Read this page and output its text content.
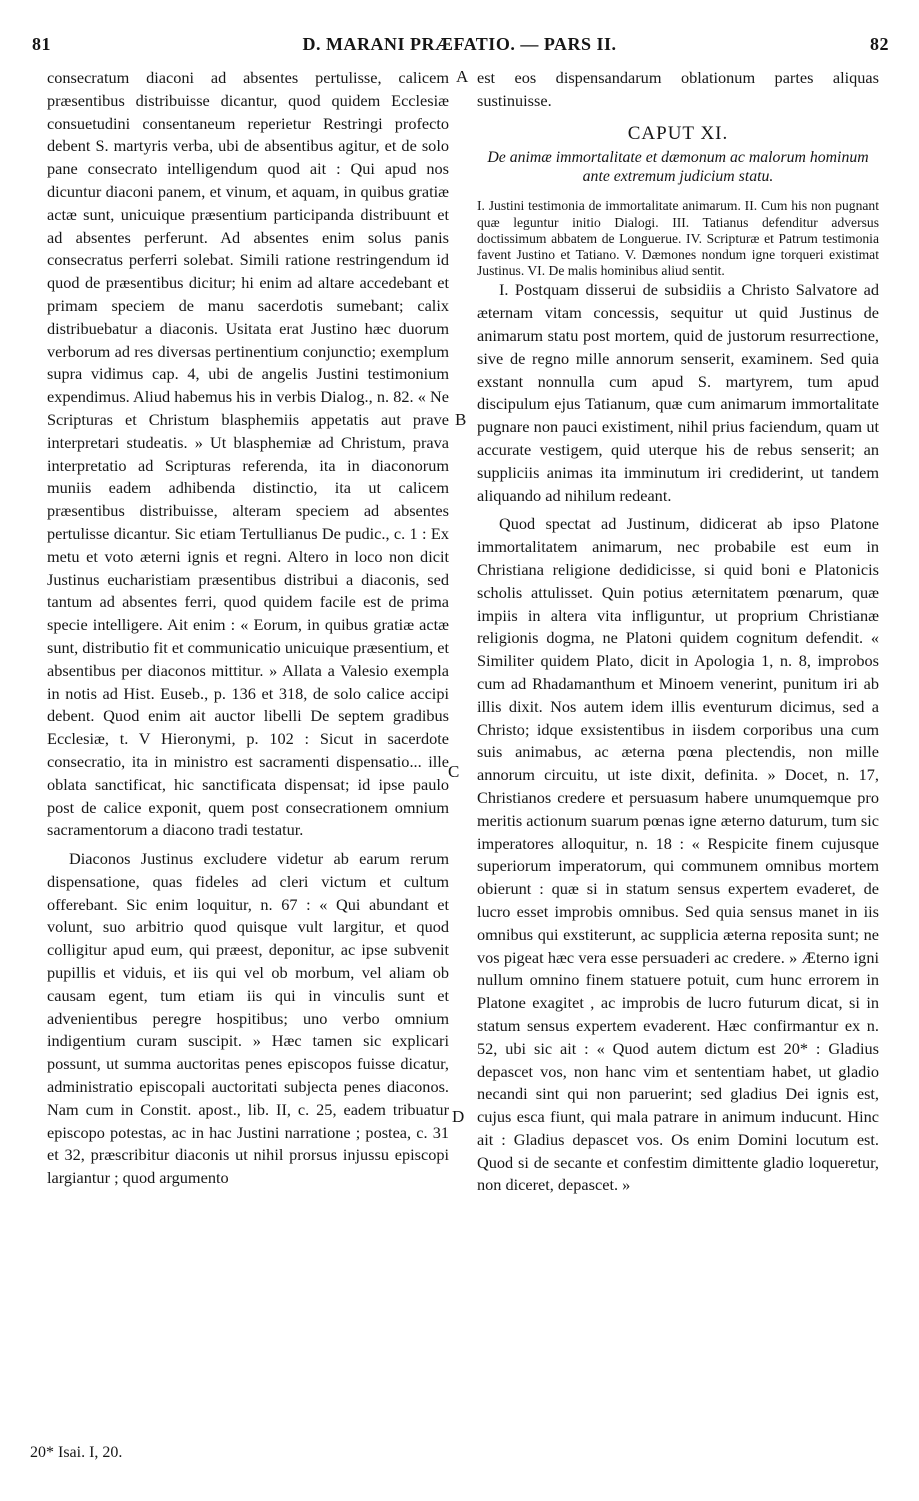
81	D. MARANI PRÆFATIO. — PARS II.	82

consecratum diaconi ad absentes pertulisse, calicem præsentibus distribuisse dicantur, quod quidem Ecclesiæ consuetudini consentaneum reperietur Restringi profecto debent S. martyris verba, ubi de absentibus agitur, et de solo pane consecrato intelligendum quod ait : Qui apud nos dicuntur diaconi panem, et vinum, et aquam, in quibus gratiæ actæ sunt, unicuique præsentium participanda distribuunt et ad absentes perferunt. Ad absentes enim solus panis consecratus perferri solebat. Simili ratione restringendum id quod de præsentibus dicitur; hi enim ad altare accedebant et primam speciem de manu sacerdotis sumebant; calix distribuebatur a diaconis. Usitata erat Justino hæc duorum verborum ad res diversas pertinentium conjunctio; exemplum supra vidimus cap. 4, ubi de angelis Justini testimonium expendimus. Aliud habemus his in verbis Dialog., n. 82. « Ne Scripturas et Christum blasphemiis appetatis aut prave interpretari studeatis. » Ut blasphemiæ ad Christum, prava interpretatio ad Scripturas referenda, ita in diaconorum muniis eadem adhibenda distinctio, ita ut calicem præsentibus distribuisse, alteram speciem ad absentes pertulisse dicantur. Sic etiam Tertullianus De pudic., c. 1 : Ex metu et voto æterni ignis et regni. Altero in loco non dicit Justinus eucharistiam præsentibus distribui a diaconis, sed tantum ad absentes ferri, quod quidem facile est de prima specie intelligere. Ait enim : « Eorum, in quibus gratiæ actæ sunt, distributio fit et communicatio unicuique præsentium, et absentibus per diaconos mittitur. » Allata a Valesio exempla in notis ad Hist. Euseb., p. 136 et 318, de solo calice accipi debent. Quod enim ait auctor libelli De septem gradibus Ecclesiæ, t. V Hieronymi, p. 102 : Sicut in sacerdote consecratio, ita in ministro est sacramenti dispensatio... ille oblata sanctificat, hic sanctificata dispensat; id ipse paulo post de calice exponit, quem post consecrationem omnium sacramentorum a diacono tradi testatur.

Diaconos Justinus excludere videtur ab earum rerum dispensatione, quas fideles ad cleri victum et cultum offerebant. Sic enim loquitur, n. 67 : « Qui abundant et volunt, suo arbitrio quod quisque vult largitur, et quod colligitur apud eum, qui præest, deponitur, ac ipse subvenit pupillis et viduis, et iis qui vel ob morbum, vel aliam ob causam egent, tum etiam iis qui in vinculis sunt et advenientibus peregre hospitibus; uno verbo omnium indigentium curam suscipit. » Hæc tamen sic explicari possunt, ut summa auctoritas penes episcopos fuisse dicatur, administratio episcopali auctoritati subjecta penes diaconos. Nam cum in Constit. apost., lib. II, c. 25, eadem tribuatur episcopo potestas, ac in hac Justini narratione ; postea, c. 31 et 32, præscribitur diaconis ut nihil prorsus injussu episcopi largiantur ; quod argumento

est eos dispensandarum oblationum partes aliquas sustinuisse.

CAPUT XI.
De animæ immortalitate et dæmonum ac malorum hominum ante extremum judicium statu.

I. Justini testimonia de immortalitate animarum. II. Cum his non pugnant quæ leguntur initio Dialogi. III. Tatianus defenditur adversus doctissimum abbatem de Longuerue. IV. Scripturæ et Patrum testimonia favent Justino et Tatiano. V. Dæmones nondum igne torqueri existimat Justinus. VI. De malis hominibus aliud sentit.

I. Postquam disserui de subsidiis a Christo Salvatore ad æternam vitam concessis, sequitur ut quid Justinus de animarum statu post mortem, quid de justorum resurrectione, sive de regno mille annorum senserit, examinem. Sed quia exstant nonnulla cum apud S. martyrem, tum apud discipulum ejus Tatianum, quæ cum animarum immortalitate pugnare non pauci existiment, nihil prius faciendum, quam ut accurate vestigem, quid uterque his de rebus senserit; an suppliciis animas ita imminutum iri crediderint, ut tandem aliquando ad nihilum redeant.

Quod spectat ad Justinum, didicerat ab ipso Platone immortalitatem animarum, nec probabile est eum in Christiana religione dedidicisse, si quid boni e Platonicis scholis attulisset. Quin potius æternitatem pœnarum, quæ impiis in altera vita infliguntur, ut proprium Christianæ religionis dogma, ne Platoni quidem cognitum defendit. « Similiter quidem Plato, dicit in Apologia 1, n. 8, improbos cum ad Rhadamanthum et Minoem venerint, punitum iri ab illis dixit. Nos autem idem illis eventurum dicimus, sed a Christo; idque exsistentibus in iisdem corporibus una cum suis animabus, ac æterna pœna plectendis, non mille annorum circuitu, ut iste dixit, definita. » Docet, n. 17, Christianos credere et persuasum habere unumquemque pro meritis actionum suarum pœnas igne æterno daturum, tum sic imperatores alloquitur, n. 18 : « Respicite finem cujusque superiorum imperatorum, qui communem omnibus mortem obierunt : quæ si in statum sensus expertem evaderet, de lucro esset improbis omnibus. Sed quia sensus manet in iis omnibus qui exstiterunt, ac supplicia æterna reposita sunt; ne vos pigeat hæc vera esse persuaderi ac credere. » Æterno igni nullum omnino finem statuere potuit, cum hunc errorem in Platone exagitet , ac improbis de lucro futurum dicat, si in statum sensus expertem evaderent. Hæc confirmantur ex n. 52, ubi sic ait : « Quod autem dictum est 20* : Gladius depascet vos, non hanc vim et sententiam habet, ut gladio necandi sint qui non paruerint; sed gladius Dei ignis est, cujus esca fiunt, qui mala patrare in animum inducunt. Hinc ait : Gladius depascet vos. Os enim Domini locutum est. Quod si de secante et confestim dimittente gladio loqueretur, non diceret, depascet. »

A
B
C
D
20* Isai. I, 20.
